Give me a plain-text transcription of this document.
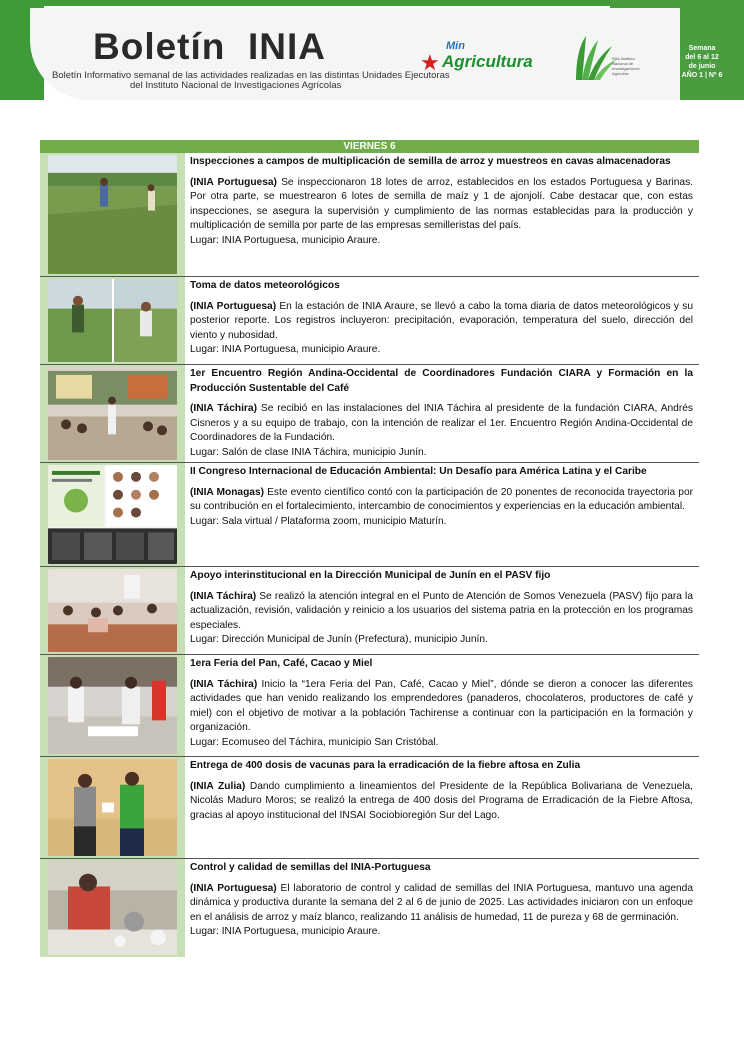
Boletín  INIA
Boletín Informativo semanal de las actividades realizadas en las distintas Unidades Ejecutoras
del Instituto Nacional de Investigaciones Agrícolas
★
Min
Agricultura	INIA Instituto Nacional de Investigaciones Agrícolas
Semana
del 6 al 12
de junio
AÑO 1 | Nº 6
VIERNES 6
Inspecciones a campos de multiplicación de semilla de arroz y muestreos en cavas almacenadoras

(INIA Portuguesa) Se inspeccionaron 18 lotes de arroz, establecidos en los estados Portuguesa y Barinas. Por otra parte, se muestrearon 6 lotes de semilla de maíz y 1 de ajonjolí. Cabe destacar que, con estas inspecciones, se asegura la supervisión y cumplimiento de las normas establecidas para la producción y multiplicación de semilla por parte de las empresas semilleristas del país.

Lugar: INIA Portuguesa, municipio Araure.
Toma de datos meteorológicos

(INIA Portuguesa) En la estación de INIA Araure, se llevó a cabo la toma diaria de datos meteorológicos y su posterior reporte. Los registros incluyeron: precipitación, evaporación, temperatura del suelo, dirección del viento y nubosidad.

Lugar: INIA Portuguesa, municipio Araure.
1er Encuentro Región Andina-Occidental de Coordinadores Fundación CIARA y Formación en la Producción Sustentable del Café

(INIA Táchira) Se recibió en las instalaciones del INIA Táchira al presidente de la fundación CIARA, Andrés Cisneros y a su equipo de trabajo, con la intención de realizar el 1er. Encuentro Región Andina-Occidental de Coordinadores de la Fundación.

Lugar: Salón de clase INIA Táchira, municipio Junín.
II Congreso Internacional de Educación Ambiental: Un Desafío para América Latina y el Caribe

(INIA Monagas) Este evento científico contó con la participación de 20 ponentes de reconocida trayectoria por su contribución en el fortalecimiento, intercambio de conocimientos y experiencias en la educación ambiental.

Lugar: Sala virtual / Plataforma zoom, municipio Maturín.
Apoyo interinstitucional en la Dirección Municipal de Junín en el PASV fijo

(INIA Táchira) Se realizó la atención integral en el Punto de Atención de Somos Venezuela (PASV) fijo para la actualización, revisión, validación y reinicio a los usuarios del sistema patria en la protección en los programas especiales.

Lugar: Dirección Municipal de Junín (Prefectura), municipio Junín.
1era Feria del Pan, Café, Cacao y Miel

(INIA Táchira) Inicio la “1era Feria del Pan, Café, Cacao y Miel”, dónde se dieron a conocer las diferentes actividades que han venido realizando los emprendedores (panaderos, chocolateros, productores de café y miel) con el objetivo de motivar a la población Tachirense a continuar con la participación en la formación y organización.

Lugar: Ecomuseo del Táchira, municipio San Cristóbal.
Entrega de 400 dosis de vacunas para la erradicación de la fiebre aftosa en Zulia

(INIA Zulia) Dando cumplimiento a lineamientos del Presidente de la República Bolivariana de Venezuela, Nicolás Maduro Moros; se realizó la entrega de 400 dosis del Programa de Erradicación de la Fiebre Aftosa, gracias al apoyo institucional del INSAI Sociobioregión Sur del Lago.

Control y calidad de semillas del INIA-Portuguesa

(INIA Portuguesa) El laboratorio de control y calidad de semillas del INIA Portuguesa, mantuvo una agenda dinámica y productiva durante la semana del 2 al 6 de junio de 2025. Las actividades iniciaron con un enfoque en el análisis de arroz y maíz blanco, realizando 11 análisis de humedad, 11 de pureza y 68 de germinación.

Lugar: INIA Portuguesa, municipio Araure.
